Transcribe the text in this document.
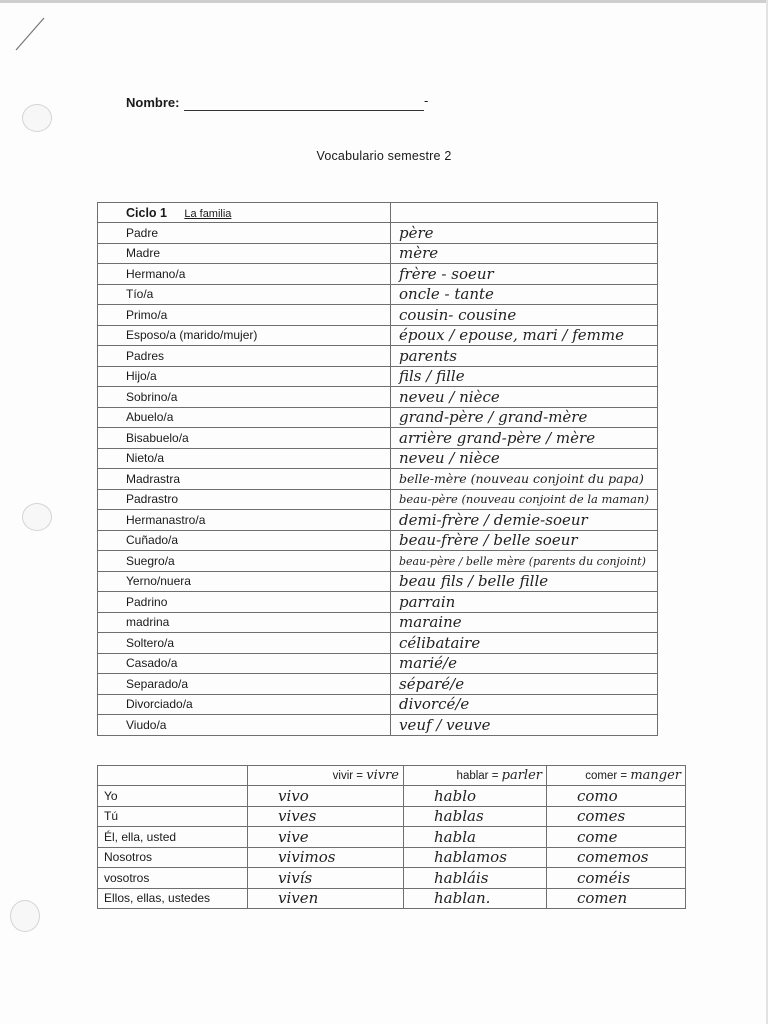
Nombre:	-
Vocabulario semestre 2
Ciclo 1 La familia	
Padre	père
Madre	mère
Hermano/a	frère - soeur
Tío/a	oncle - tante
Primo/a	cousin- cousine
Esposo/a (marido/mujer)	époux / epouse, mari / femme
Padres	parents
Hijo/a	fils / fille
Sobrino/a	neveu / nièce
Abuelo/a	grand-père / grand-mère
Bisabuelo/a	arrière grand-père / mère
Nieto/a	neveu / nièce
Madrastra	belle-mère (nouveau conjoint du papa)
Padrastro	beau-père (nouveau conjoint de la maman)
Hermanastro/a	demi-frère / demie-soeur
Cuñado/a	beau-frère / belle soeur
Suegro/a	beau-père / belle mère (parents du conjoint)
Yerno/nuera	beau fils / belle fille
Padrino	parrain
madrina	maraine
Soltero/a	célibataire
Casado/a	marié/e
Separado/a	séparé/e
Divorciado/a	divorcé/e
Viudo/a	veuf / veuve

	vivir = vivre	hablar = parler	comer = manger

Yo	vivo	hablo	como
Tú	vives	hablas	comes
Él, ella, usted	vive	habla	come
Nosotros	vivimos	hablamos	comemos
vosotros	vivís	habláis	coméis
Ellos, ellas, ustedes	viven	hablan.	comen
